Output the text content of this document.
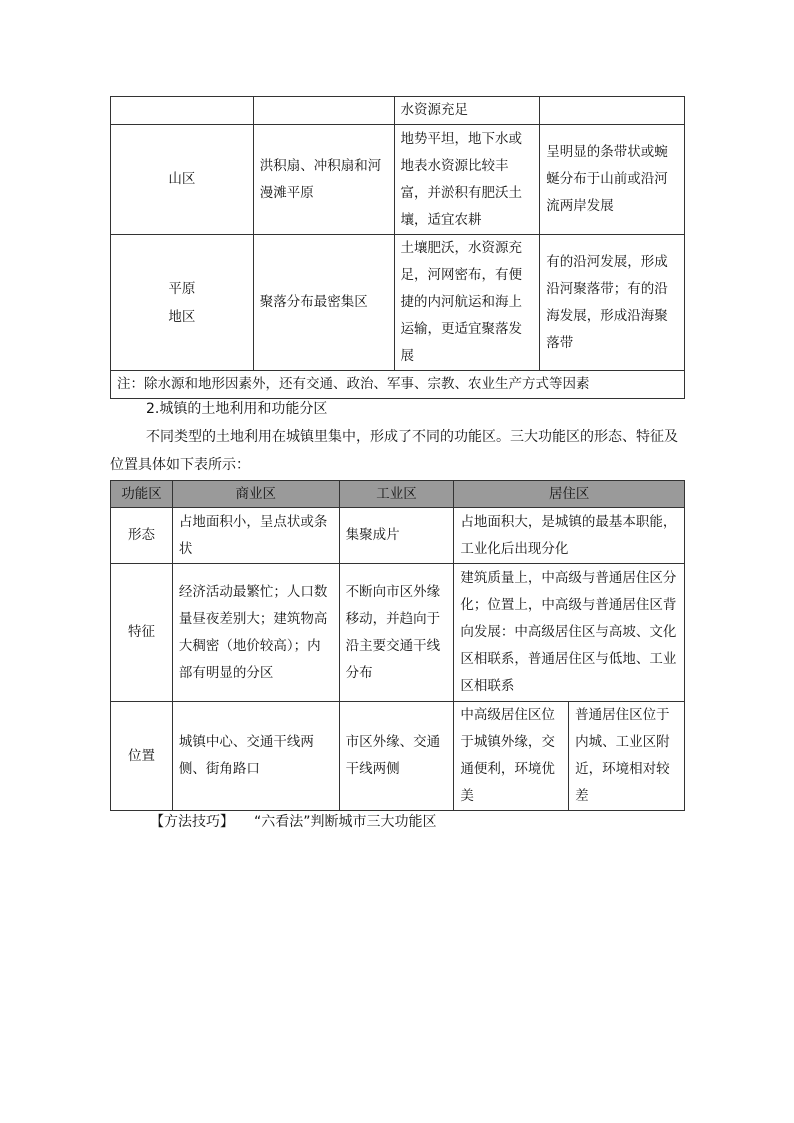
		水资源充足	
山区	洪积扇、冲积扇和河漫滩平原	地势平坦，地下水或地表水资源比较丰富，并淤积有肥沃土壤，适宜农耕	呈明显的条带状或蜿蜒分布于山前或沿河流两岸发展
平原地区	聚落分布最密集区	土壤肥沃，水资源充足，河网密布，有便捷的内河航运和海上运输，更适宜聚落发展	有的沿河发展，形成沿河聚落带；有的沿海发展，形成沿海聚落带
注：除水源和地形因素外，还有交通、政治、军事、宗教、农业生产方式等因素			

2.城镇的土地利用和功能分区

不同类型的土地利用在城镇里集中，形成了不同的功能区。三大功能区的形态、特征及位置具体如下表所示：

功能区	商业区	工业区	居住区	
形态	占地面积小，呈点状或条状	集聚成片	占地面积大，是城镇的最基本职能，工业化后出现分化	
特征	经济活动最繁忙；人口数量昼夜差别大；建筑物高大稠密（地价较高）；内部有明显的分区	不断向市区外缘移动，并趋向于沿主要交通干线分布	建筑质量上，中高级与普通居住区分化；位置上，中高级与普通居住区背向发展：中高级居住区与高坡、文化区相联系，普通居住区与低地、工业区相联系	
位置	城镇中心、交通干线两侧、街角路口	市区外缘、交通干线两侧	中高级居住区位于城镇外缘，交通便利，环境优美	普通居住区位于内城、工业区附近，环境相对较差

【方法技巧】 “六看法”判断城市三大功能区
